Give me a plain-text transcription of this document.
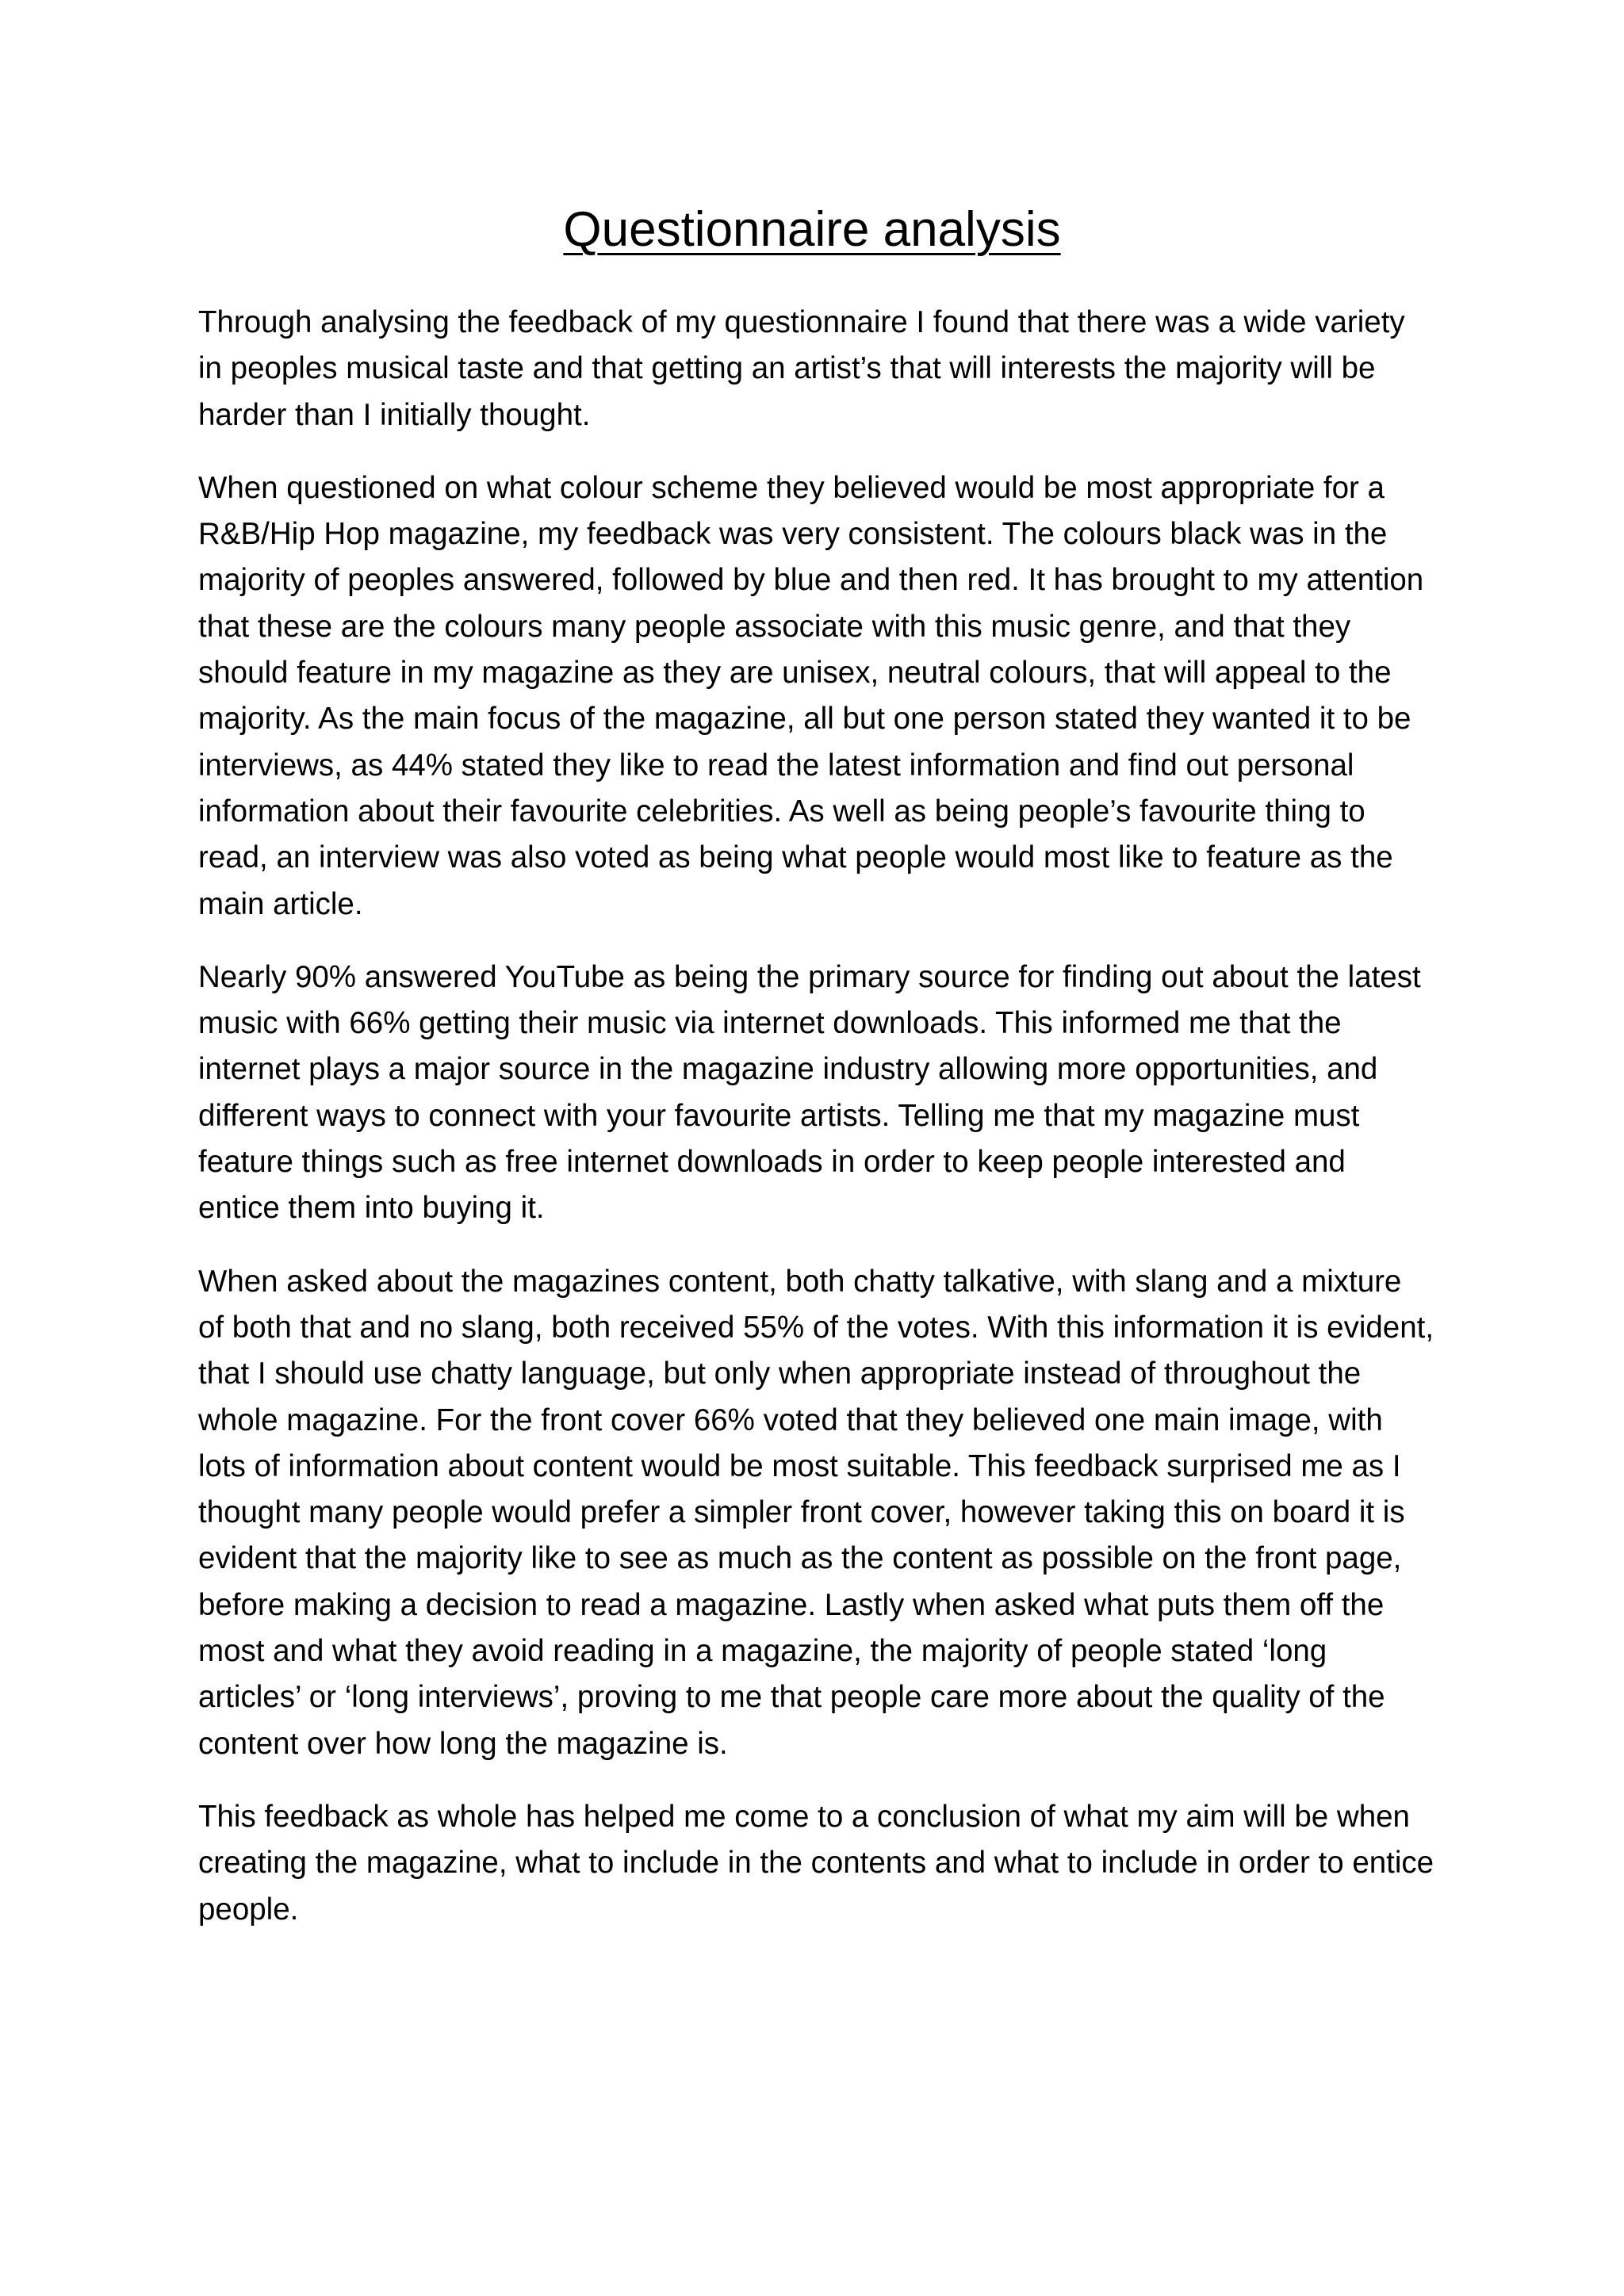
Questionnaire analysis

Through analysing the feedback of my questionnaire I found that there was a wide variety in peoples musical taste and that getting an artist’s that will interests the majority will be harder than I initially thought.

When questioned on what colour scheme they believed would be most appropriate for a R&B/Hip Hop magazine, my feedback was very consistent. The colours black was in the majority of peoples answered, followed by blue and then red. It has brought to my attention that these are the colours many people associate with this music genre, and that they should feature in my magazine as they are unisex, neutral colours, that will appeal to the majority. As the main focus of the magazine, all but one person stated they wanted it to be interviews, as 44% stated they like to read the latest information and find out personal information about their favourite celebrities. As well as being people’s favourite thing to read, an interview was also voted as being what people would most like to feature as the main article.

Nearly 90% answered YouTube as being the primary source for finding out about the latest music with 66% getting their music via internet downloads. This informed me that the internet plays a major source in the magazine industry allowing more opportunities, and different ways to connect with your favourite artists. Telling me that my magazine must feature things such as free internet downloads in order to keep people interested and entice them into buying it.

When asked about the magazines content, both chatty talkative, with slang and a mixture of both that and no slang, both received 55% of the votes. With this information it is evident, that I should use chatty language, but only when appropriate instead of throughout the whole magazine. For the front cover 66% voted that they believed one main image, with lots of information about content would be most suitable. This feedback surprised me as I thought many people would prefer a simpler front cover, however taking this on board it is evident that the majority like to see as much as the content as possible on the front page, before making a decision to read a magazine. Lastly when asked what puts them off the most and what they avoid reading in a magazine, the majority of people stated ‘long articles’ or ‘long interviews’, proving to me that people care more about the quality of the content over how long the magazine is.

This feedback as whole has helped me come to a conclusion of what my aim will be when creating the magazine, what to include in the contents and what to include in order to entice people.
